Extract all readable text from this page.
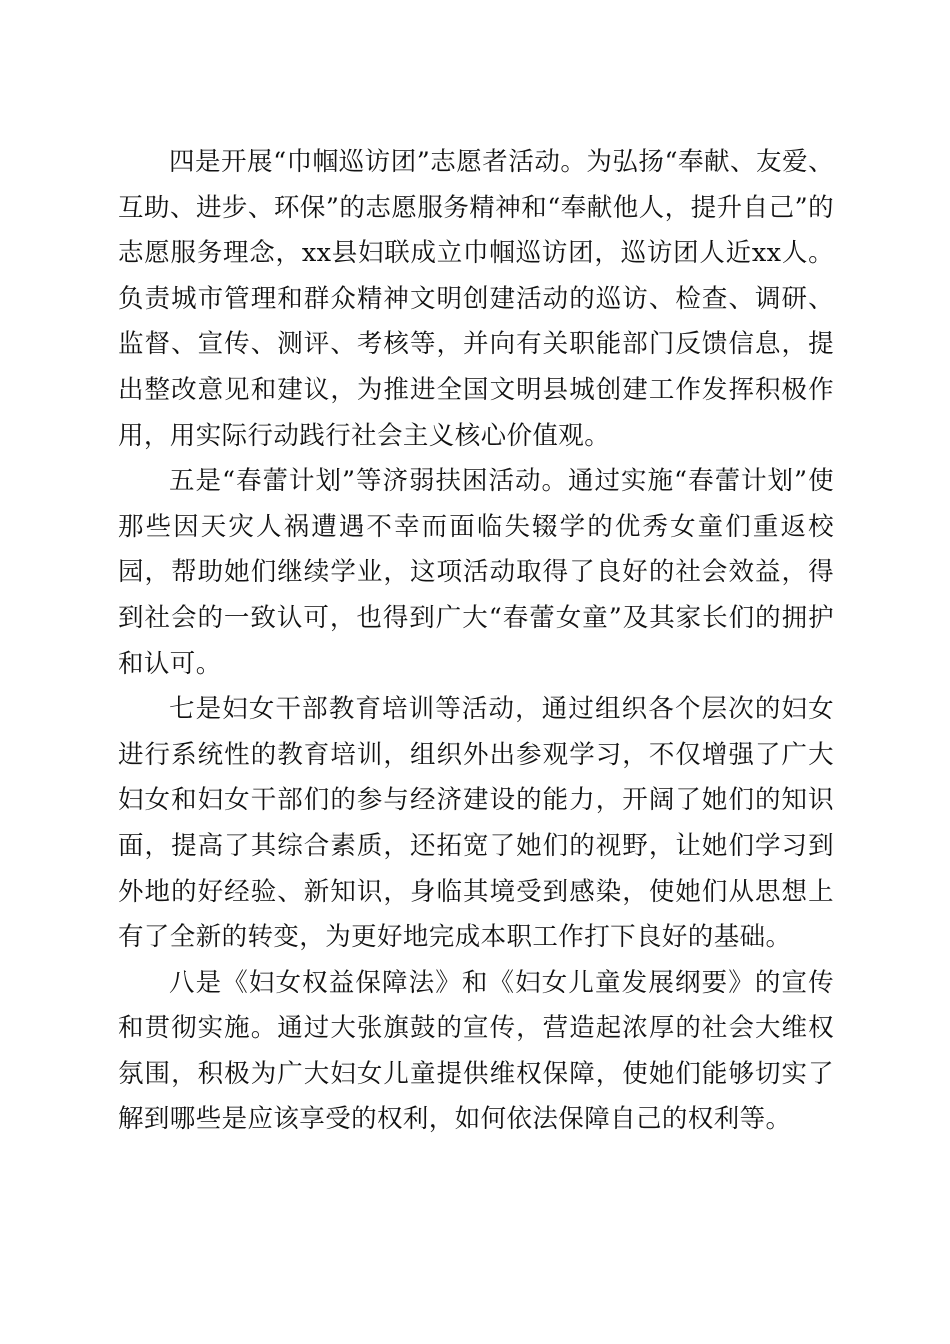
四是开展“巾帼巡访团”志愿者活动。为弘扬“奉献、友爱、互助、进步、环保”的志愿服务精神和“奉献他人，提升自己”的志愿服务理念，xx县妇联成立巾帼巡访团，巡访团人近xx人。负责城市管理和群众精神文明创建活动的巡访、检查、调研、监督、宣传、测评、考核等，并向有关职能部门反馈信息，提出整改意见和建议，为推进全国文明县城创建工作发挥积极作用，用实际行动践行社会主义核心价值观。

五是“春蕾计划”等济弱扶困活动。通过实施“春蕾计划”使那些因天灾人祸遭遇不幸而面临失辍学的优秀女童们重返校园，帮助她们继续学业，这项活动取得了良好的社会效益，得到社会的一致认可，也得到广大“春蕾女童”及其家长们的拥护和认可。

七是妇女干部教育培训等活动，通过组织各个层次的妇女进行系统性的教育培训，组织外出参观学习，不仅增强了广大妇女和妇女干部们的参与经济建设的能力，开阔了她们的知识面，提高了其综合素质，还拓宽了她们的视野，让她们学习到外地的好经验、新知识，身临其境受到感染，使她们从思想上有了全新的转变，为更好地完成本职工作打下良好的基础。

八是《妇女权益保障法》和《妇女儿童发展纲要》的宣传和贯彻实施。通过大张旗鼓的宣传，营造起浓厚的社会大维权氛围，积极为广大妇女儿童提供维权保障，使她们能够切实了解到哪些是应该享受的权利，如何依法保障自己的权利等。
